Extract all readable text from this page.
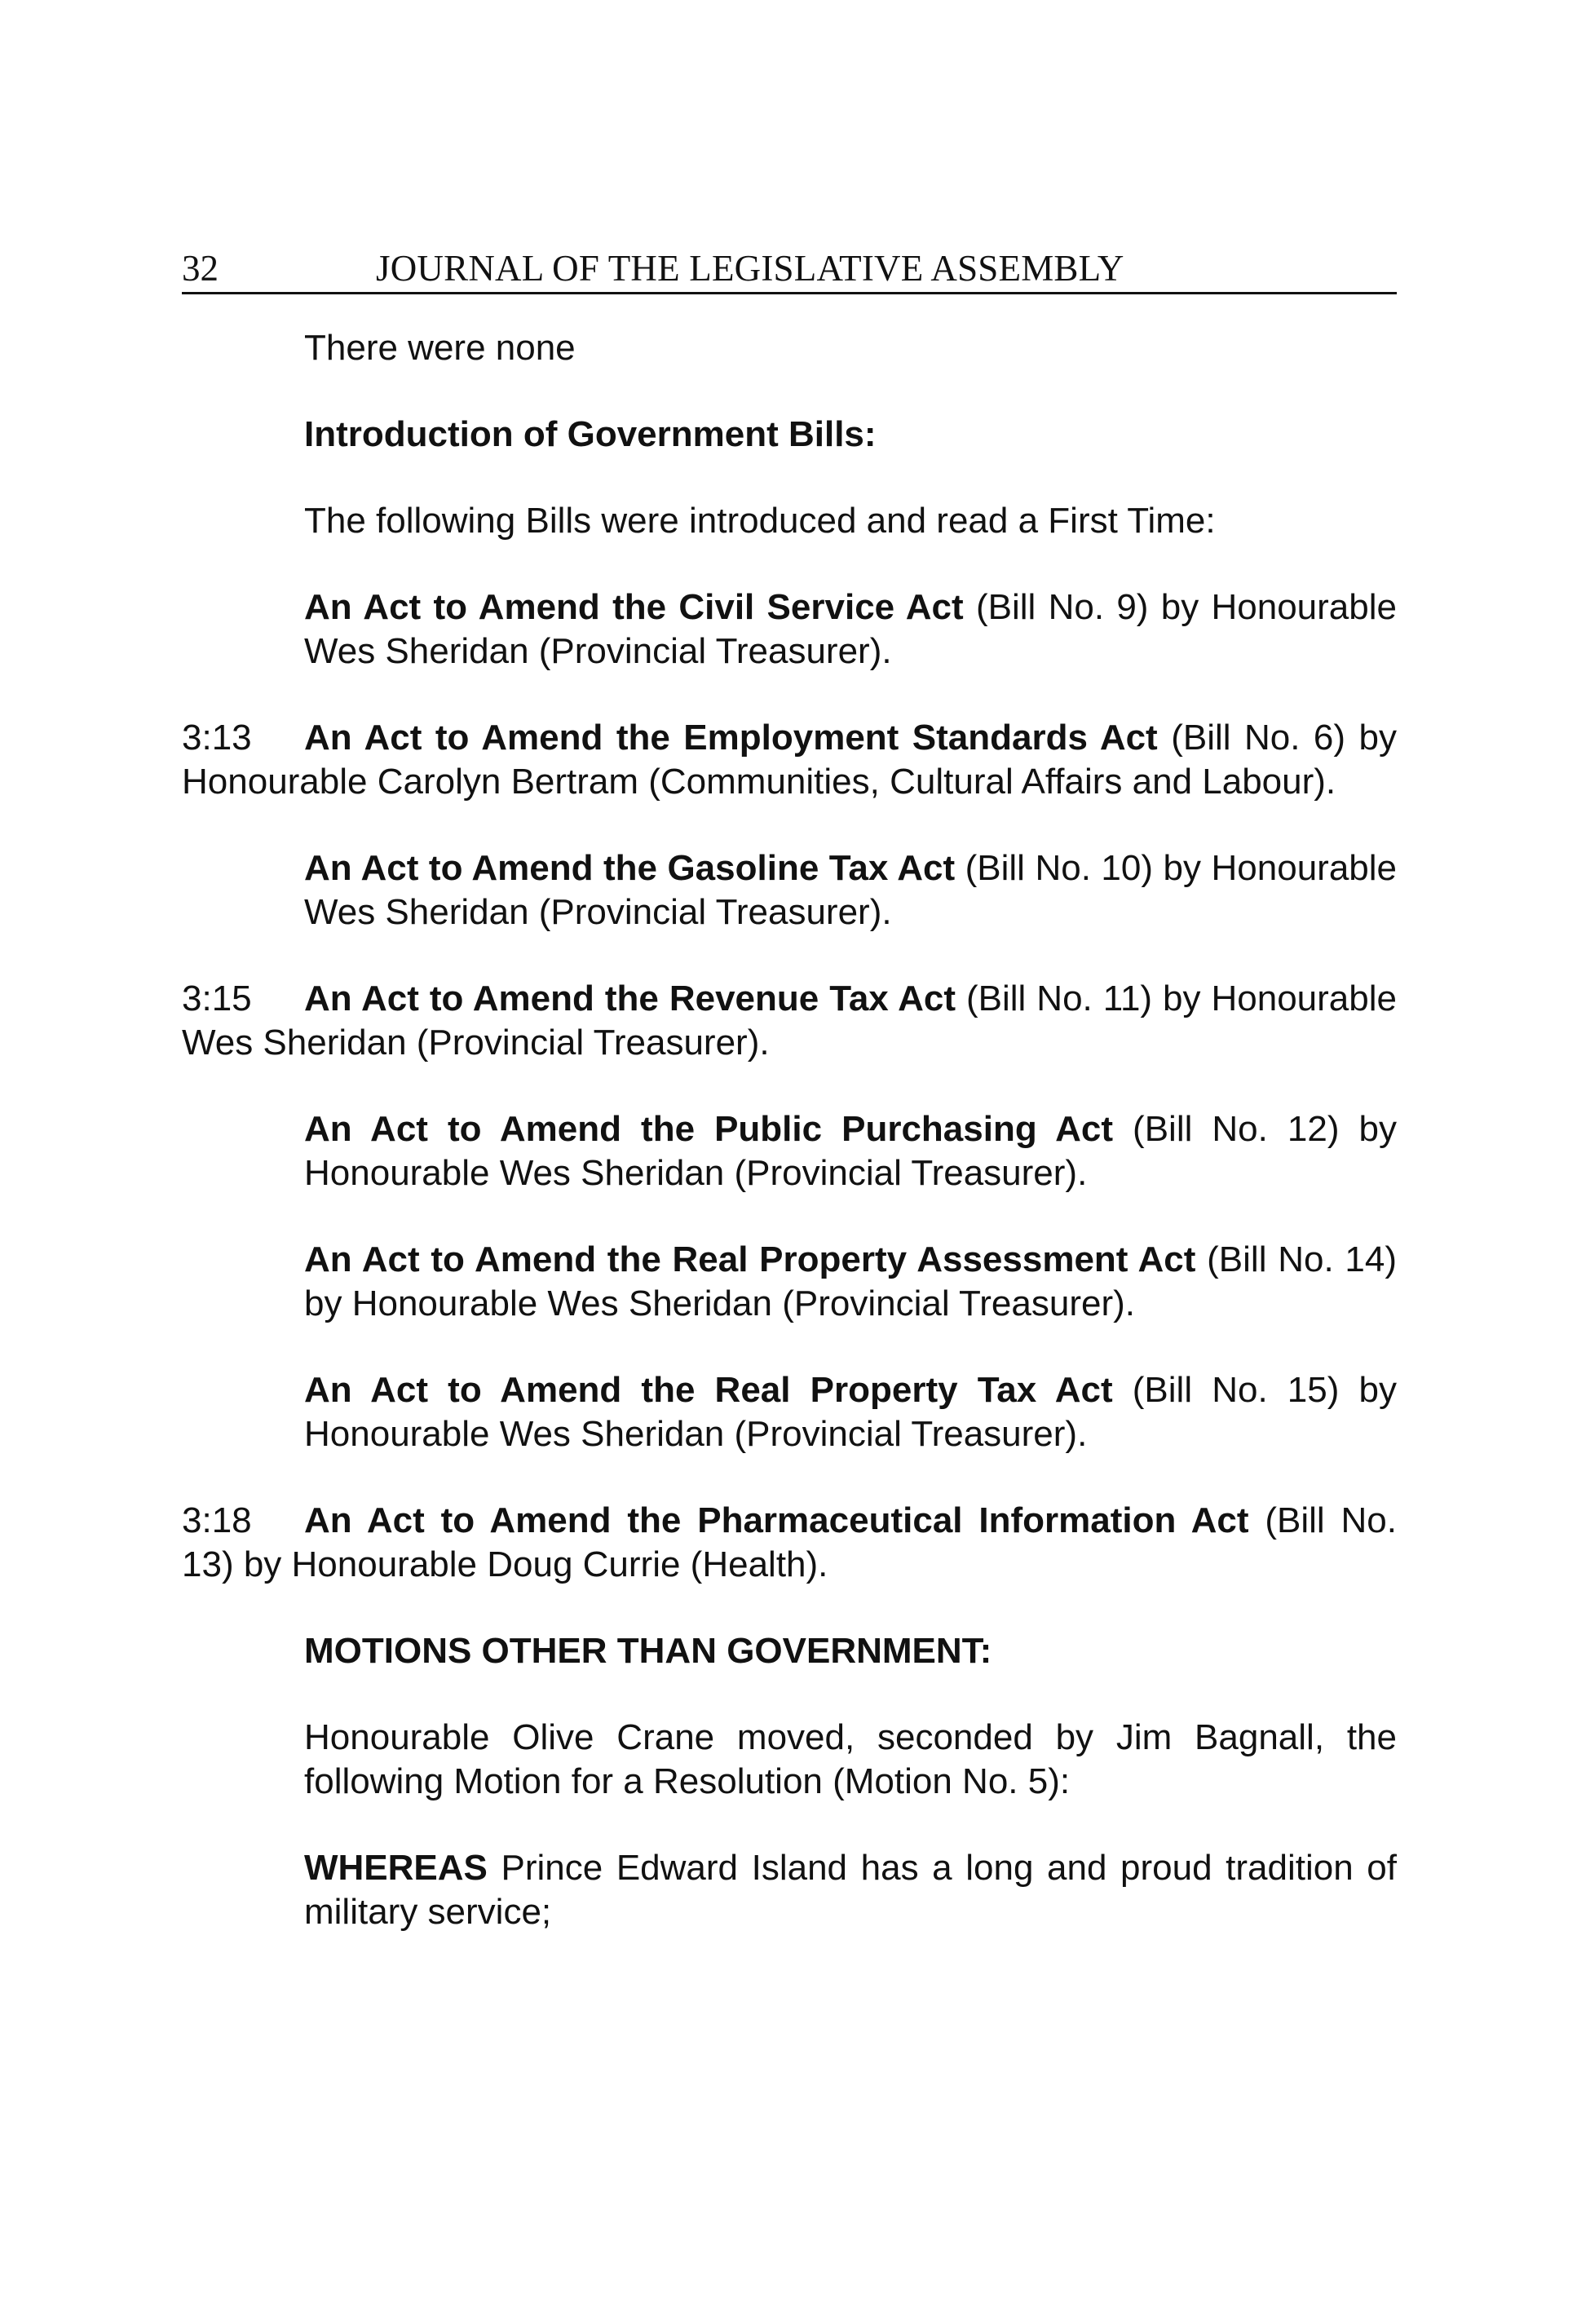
32	JOURNAL OF THE LEGISLATIVE ASSEMBLY

There were none

Introduction of Government Bills:

The following Bills were introduced and read a First Time:

An Act to Amend the Civil Service Act (Bill No. 9) by Honourable Wes Sheridan (Provincial Treasurer).

3:13 An Act to Amend the Employment Standards Act (Bill No. 6) by Honourable Carolyn Bertram (Communities, Cultural Affairs and Labour).

An Act to Amend the Gasoline Tax Act (Bill No. 10) by Honourable Wes Sheridan (Provincial Treasurer).

3:15 An Act to Amend the Revenue Tax Act (Bill No. 11) by Honourable Wes Sheridan (Provincial Treasurer).

An Act to Amend the Public Purchasing Act (Bill No. 12) by Honourable Wes Sheridan (Provincial Treasurer).

An Act to Amend the Real Property Assessment Act (Bill No. 14) by Honourable Wes Sheridan (Provincial Treasurer).

An Act to Amend the Real Property Tax Act (Bill No. 15) by Honourable Wes Sheridan (Provincial Treasurer).

3:18 An Act to Amend the Pharmaceutical Information Act (Bill No. 13) by Honourable Doug Currie (Health).

MOTIONS OTHER THAN GOVERNMENT:

Honourable Olive Crane moved, seconded by Jim Bagnall, the following Motion for a Resolution (Motion No. 5):

WHEREAS Prince Edward Island has a long and proud tradition of military service;
